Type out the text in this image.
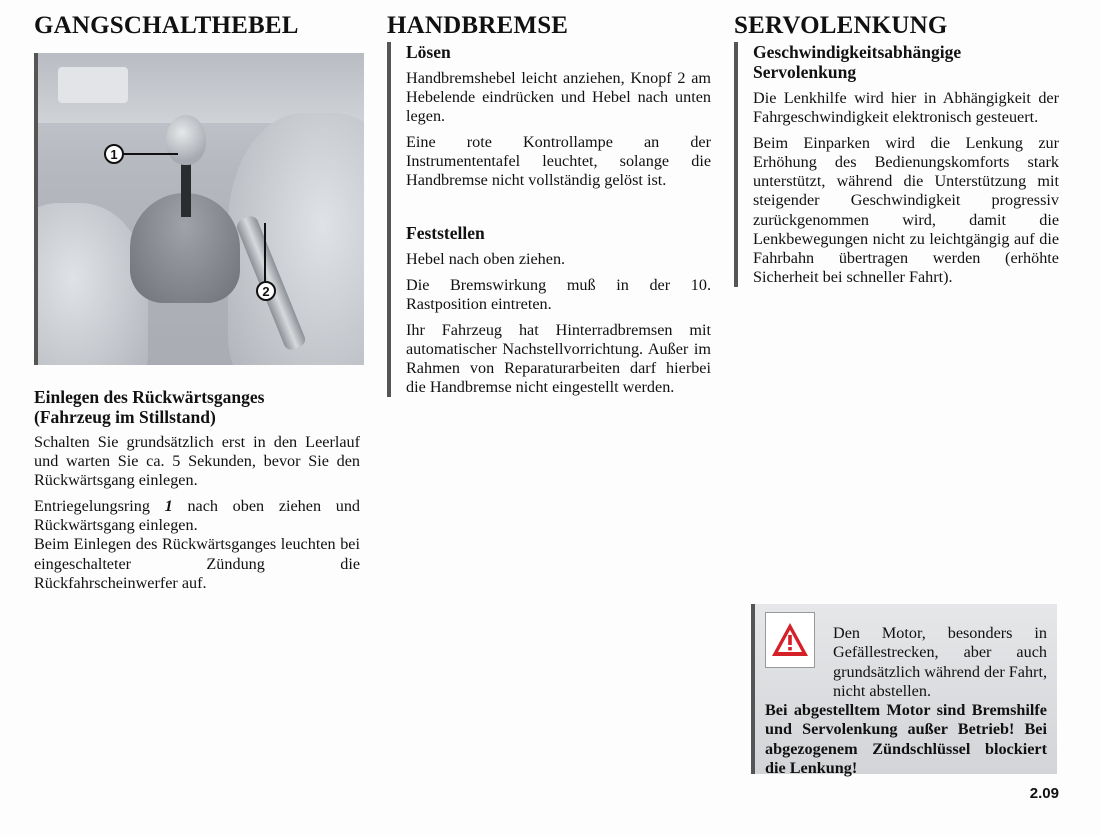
GANGSCHALTHEBEL
1
2
Einlegen des Rückwärtsganges
(Fahrzeug im Stillstand)

Schalten Sie grundsätzlich erst in den Leerlauf und warten Sie ca. 5 Sekunden, bevor Sie den Rückwärtsgang einlegen.

Entriegelungsring 1 nach oben ziehen und Rückwärtsgang einlegen.

Beim Einlegen des Rückwärtsganges leuchten bei eingeschalteter Zündung die Rückfahrscheinwerfer auf.

HANDBREMSE
Lösen

Handbremshebel leicht anziehen, Knopf 2 am Hebelende eindrücken und Hebel nach unten legen.

Eine rote Kontrollampe an der Instrumententafel leuchtet, solange die Handbremse nicht vollständig gelöst ist.

Feststellen

Hebel nach oben ziehen.

Die Bremswirkung muß in der 10. Rastposition eintreten.

Ihr Fahrzeug hat Hinterradbremsen mit automatischer Nachstellvorrichtung. Außer im Rahmen von Reparaturarbeiten darf hierbei die Handbremse nicht eingestellt werden.

SERVOLENKUNG
Geschwindigkeitsabhängige Servolenkung

Die Lenkhilfe wird hier in Abhängigkeit der Fahrgeschwindigkeit elektronisch gesteuert.

Beim Einparken wird die Lenkung zur Erhöhung des Bedienungskomforts stark unterstützt, während die Unterstützung mit steigender Geschwindigkeit progressiv zurückgenommen wird, damit die Lenkbewegungen nicht zu leichtgängig auf die Fahrbahn übertragen werden (erhöhte Sicherheit bei schneller Fahrt).

Den Motor, besonders in Gefällestrecken, aber auch grundsätzlich während der Fahrt, nicht abstellen.

Bei abgestelltem Motor sind Bremshilfe und Servolenkung außer Betrieb! Bei abgezogenem Zündschlüssel blockiert die Lenkung!

2.09
